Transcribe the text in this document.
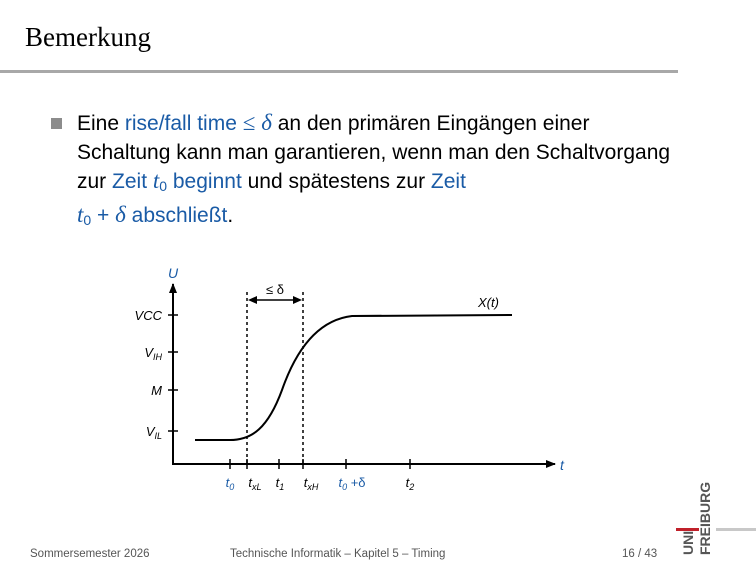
Bemerkung
Eine rise/fall time ≤ δ an den primären Eingängen einer Schaltung kann man garantieren, wenn man den Schaltvorgang zur Zeit $t_0$ beginnt und spätestens zur Zeit
$t_0 + \delta$ abschließt.
U
t
VCC
$V_{IH}$
M
$V_{IL}$
$t_0$ $t_{xL}$ $t_1$ $t_{xH}$ $t_0 +\delta$	$t_2$
≤ δ
X(t)
Sommersemester 2026	Technische Informatik – Kapitel 5 – Timing	16 / 43 UNI FREIBURG
